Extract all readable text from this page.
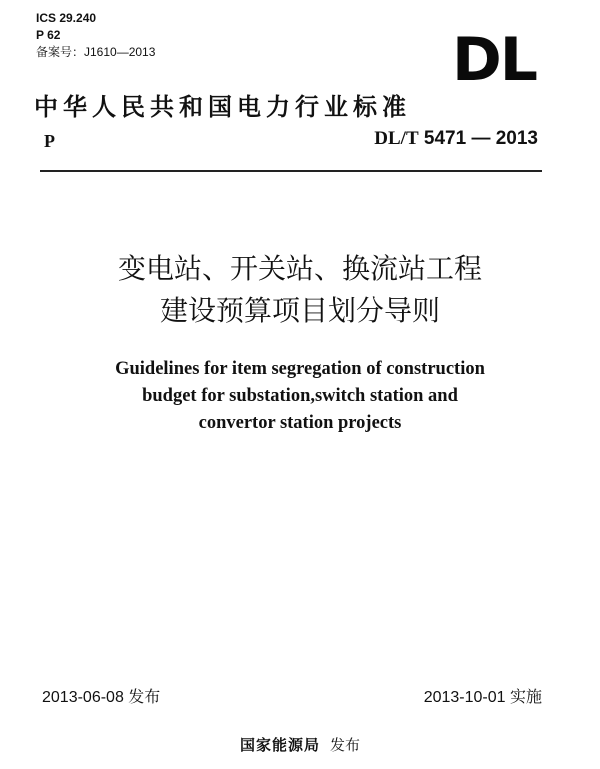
ICS 29.240
P 62
备案号：J1610—2013	DL
中华人民共和国电力行业标准
P	DL/T 5471 — 2013
变电站、开关站、换流站工程
建设预算项目划分导则
Guidelines for item segregation of construction
budget for substation,switch station and
convertor station projects
2013-06-08 发布	2013-10-01 实施
国家能源局 发布
